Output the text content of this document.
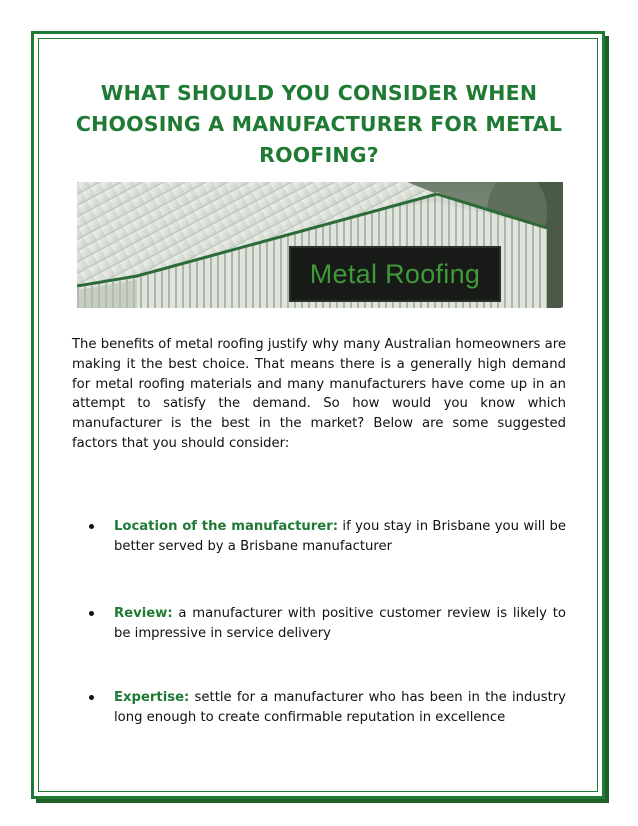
WHAT SHOULD YOU CONSIDER WHEN CHOOSING A MANUFACTURER FOR METAL ROOFING?
Metal Roofing

The benefits of metal roofing justify why many Australian homeowners are making it the best choice. That means there is a generally high demand for metal roofing materials and many manufacturers have come up in an attempt to satisfy the demand. So how would you know which manufacturer is the best in the market? Below are some suggested factors that you should consider:

Location of the manufacturer: if you stay in Brisbane you will be better served by a Brisbane manufacturer

Review: a manufacturer with positive customer review is likely to be impressive in service delivery

Expertise: settle for a manufacturer who has been in the industry long enough to create confirmable reputation in excellence
